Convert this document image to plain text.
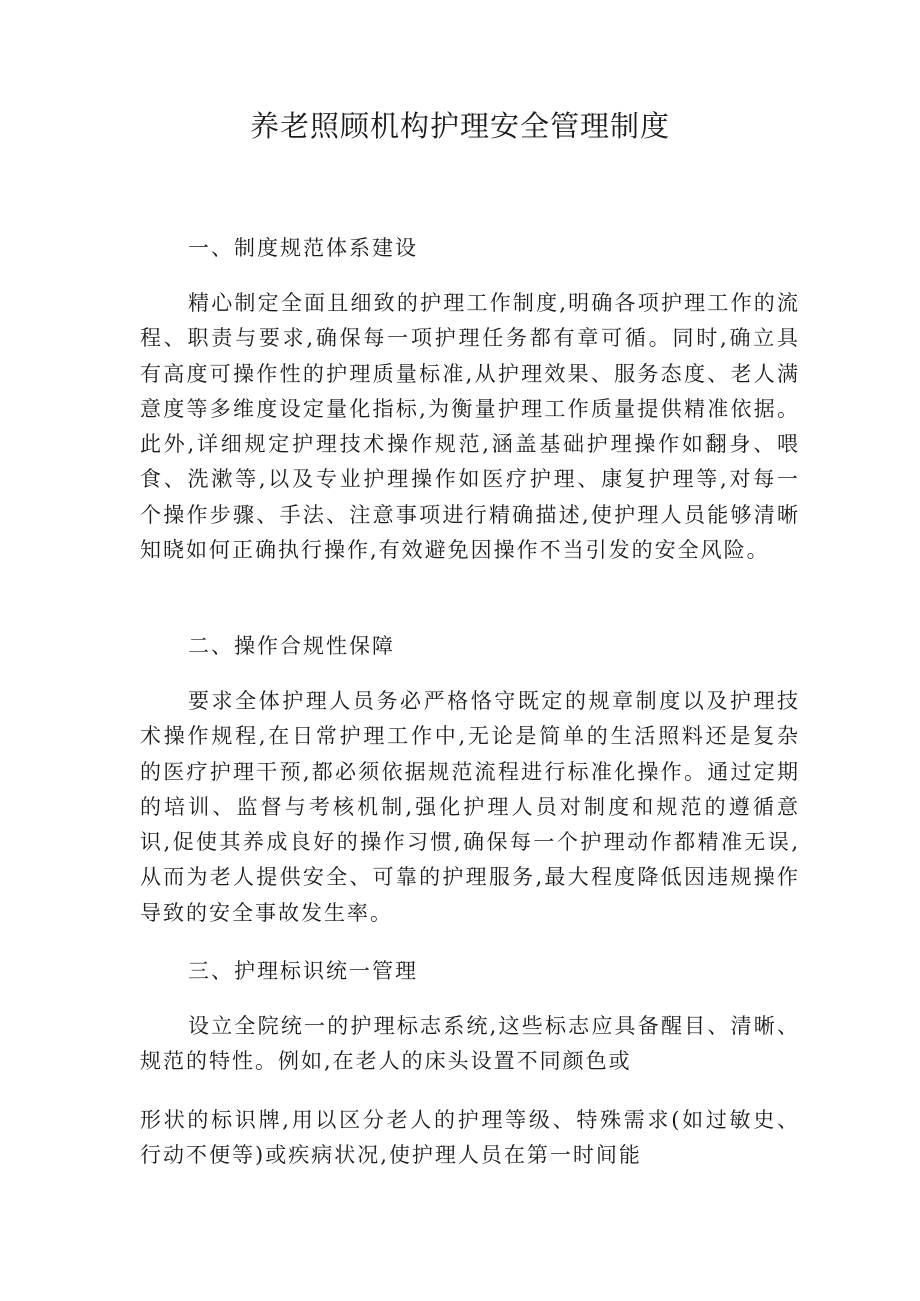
养老照顾机构护理安全管理制度
一、制度规范体系建设

精心制定全面且细致的护理工作制度,明确各项护理工作的流程、职责与要求,确保每一项护理任务都有章可循。同时,确立具有高度可操作性的护理质量标准,从护理效果、服务态度、老人满意度等多维度设定量化指标,为衡量护理工作质量提供精准依据。此外,详细规定护理技术操作规范,涵盖基础护理操作如翻身、喂食、洗漱等,以及专业护理操作如医疗护理、康复护理等,对每一个操作步骤、手法、注意事项进行精确描述,使护理人员能够清晰知晓如何正确执行操作,有效避免因操作不当引发的安全风险。

二、操作合规性保障

要求全体护理人员务必严格恪守既定的规章制度以及护理技术操作规程,在日常护理工作中,无论是简单的生活照料还是复杂的医疗护理干预,都必须依据规范流程进行标准化操作。通过定期的培训、监督与考核机制,强化护理人员对制度和规范的遵循意识,促使其养成良好的操作习惯,确保每一个护理动作都精准无误,从而为老人提供安全、可靠的护理服务,最大程度降低因违规操作导致的安全事故发生率。

三、护理标识统一管理

设立全院统一的护理标志系统,这些标志应具备醒目、清晰、规范的特性。例如,在老人的床头设置不同颜色或

形状的标识牌,用以区分老人的护理等级、特殊需求(如过敏史、行动不便等)或疾病状况,使护理人员在第一时间能
